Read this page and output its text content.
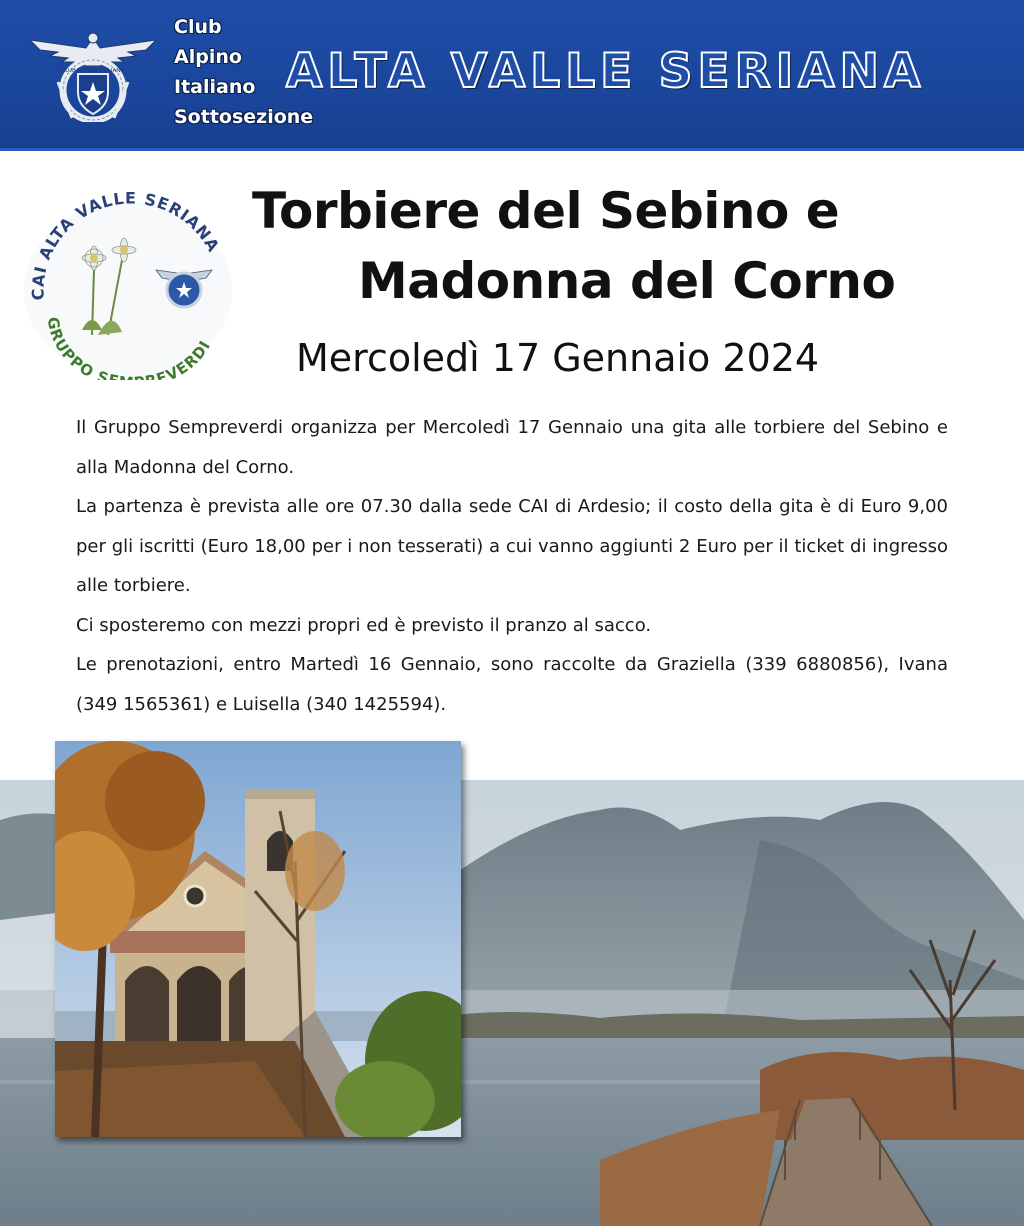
CLUB ALPINO ITALIANO
Club
Alpino
Italiano
Sottosezione
ALTA VALLE SERIANA
CAI ALTA VALLE SERIANA
GRUPPO S EVERDI
Torbiere del Sebino e
Madonna del Corno
Mercoledì 17 Gennaio 2024

Il Gruppo Sempreverdi organizza per Mercoledì 17 Gennaio una gita alle torbiere del Sebino e alla Madonna del Corno.

La partenza è prevista alle ore 07.30 dalla sede CAI di Ardesio; il costo della gita è di Euro 9,00 per gli iscritti (Euro 18,00 per i non tesserati) a cui vanno aggiunti 2 Euro per il ticket di ingresso alle torbiere.

Ci sposteremo con mezzi propri ed è previsto il pranzo al sacco.

Le prenotazioni, entro Martedì 16 Gennaio, sono raccolte da Graziella (339 6880856), Ivana (349 1565361) e Luisella (340 1425594).
